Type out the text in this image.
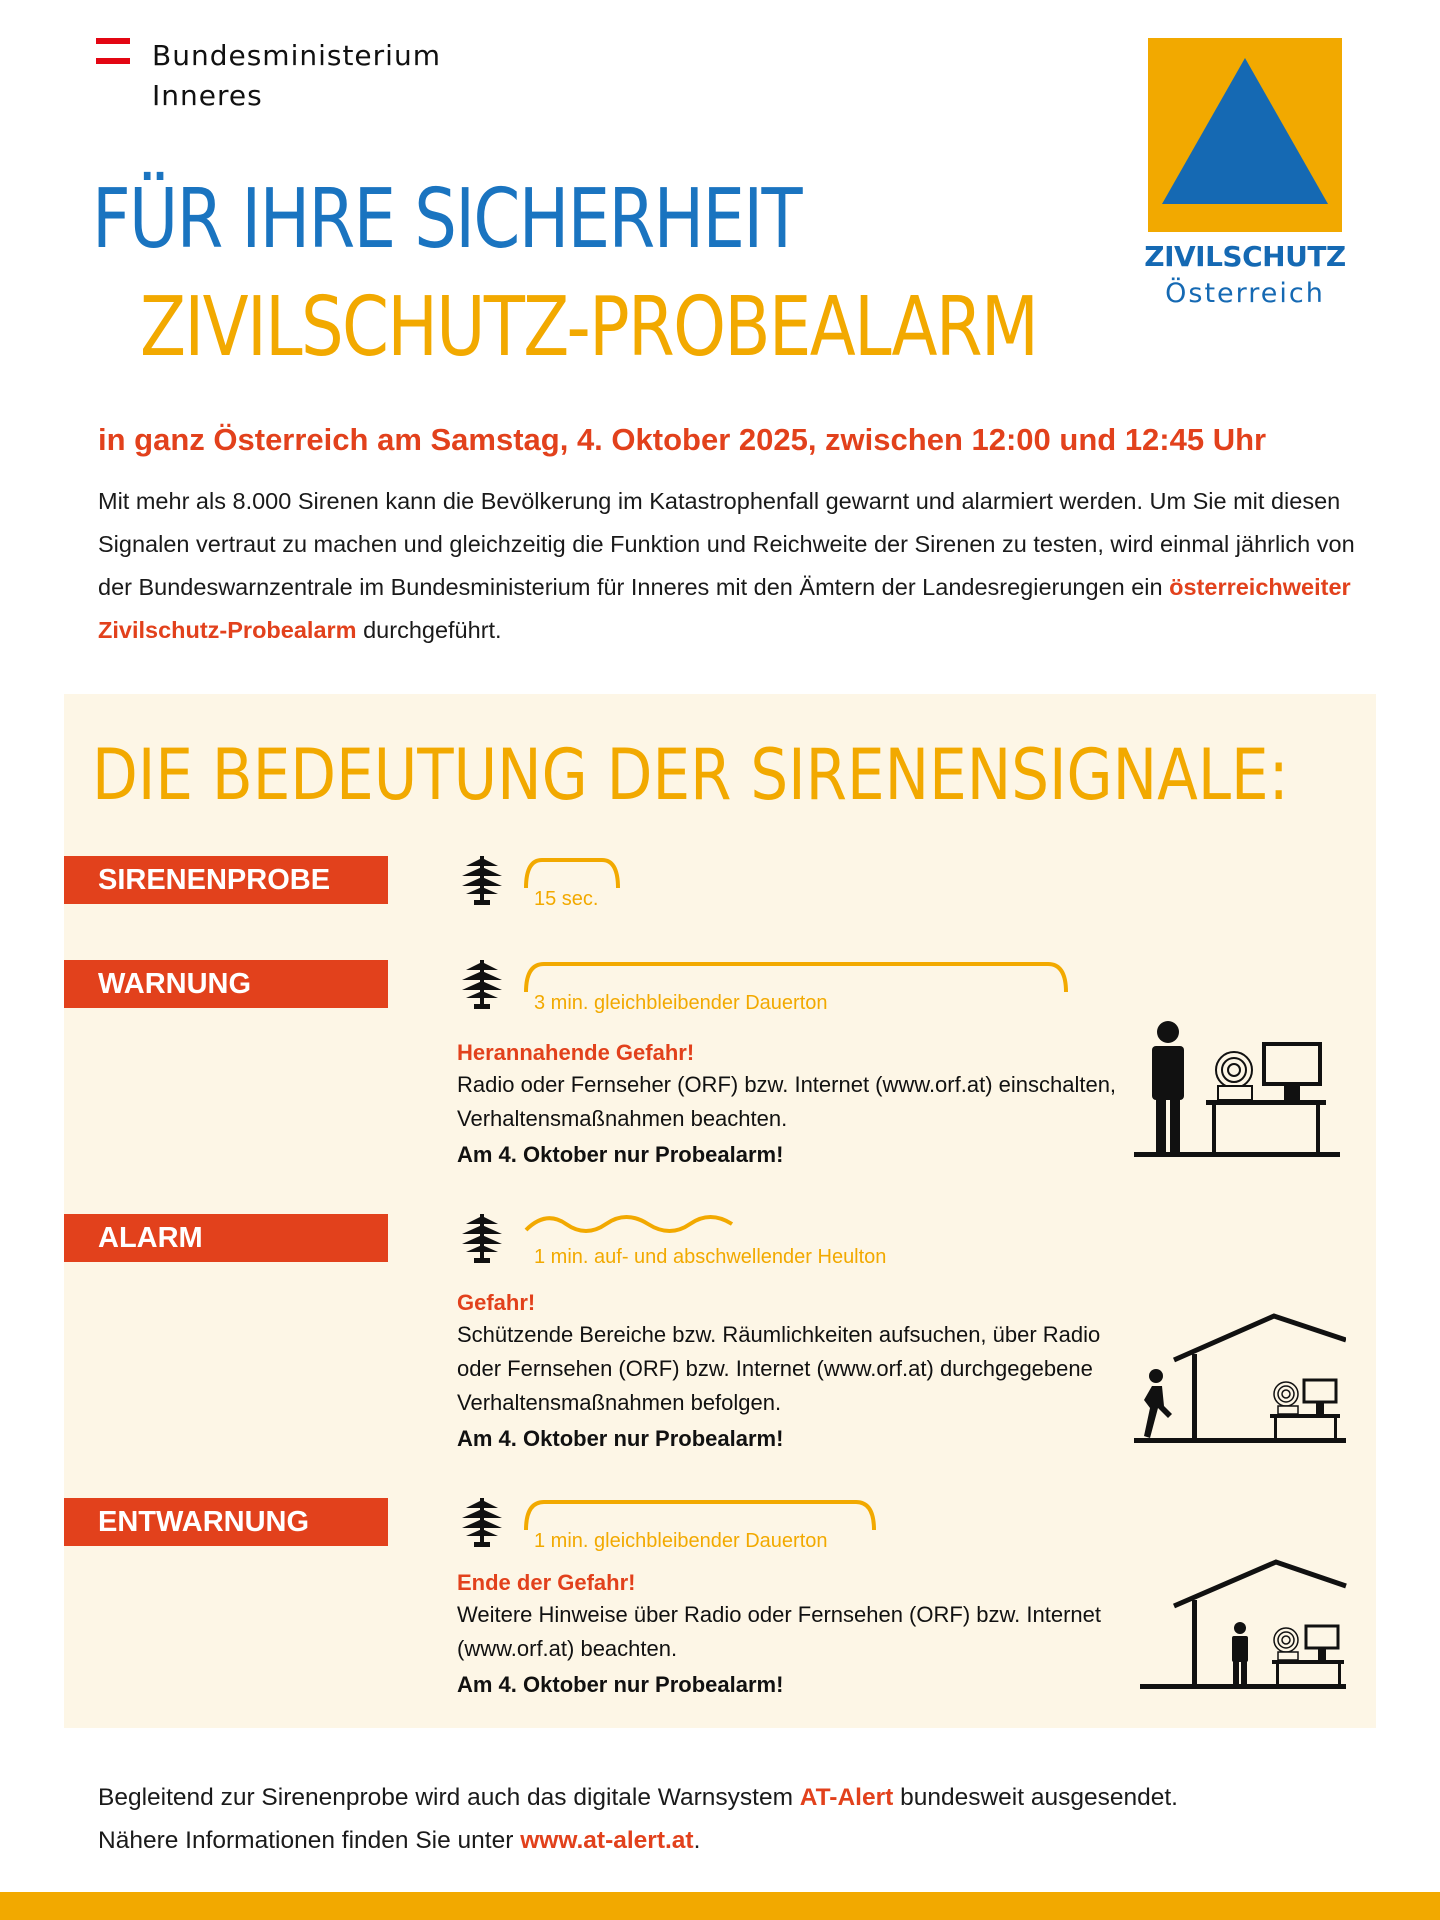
Bundesministerium
Inneres
ZIVILSCHUTZ
Österreich
FÜR IHRE SICHERHEIT
ZIVILSCHUTZ-PROBEALARM
in ganz Österreich am Samstag, 4. Oktober 2025, zwischen 12:00 und 12:45 Uhr
Mit mehr als 8.000 Sirenen kann die Bevölkerung im Katastrophenfall gewarnt und alarmiert werden. Um Sie mit diesen Signalen vertraut zu machen und gleichzeitig die Funktion und Reichweite der Sirenen zu testen, wird einmal jährlich von der Bundeswarnzentrale im Bundesministerium für Inneres mit den Ämtern der Landesregierungen ein österreichweiter Zivilschutz-Probealarm durchgeführt.
DIE BEDEUTUNG DER SIRENENSIGNALE:
SIRENENPROBE
15 sec.
WARNUNG
3 min. gleichbleibender Dauerton
Herannahende Gefahr!
Radio oder Fernseher (ORF) bzw. Internet (www.orf.at) einschalten, Verhaltensmaßnahmen beachten.
Am 4. Oktober nur Probealarm!
ALARM
1 min. auf- und abschwellender Heulton
Gefahr!
Schützende Bereiche bzw. Räumlichkeiten aufsuchen, über Radio oder Fernsehen (ORF) bzw. Internet (www.orf.at) durchgegebene Verhaltensmaßnahmen befolgen.
Am 4. Oktober nur Probealarm!
ENTWARNUNG
1 min. gleichbleibender Dauerton
Ende der Gefahr!
Weitere Hinweise über Radio oder Fernsehen (ORF) bzw. Internet (www.orf.at) beachten.
Am 4. Oktober nur Probealarm!
Begleitend zur Sirenenprobe wird auch das digitale Warnsystem AT-Alert bundesweit ausgesendet.
Nähere Informationen finden Sie unter www.at-alert.at.
